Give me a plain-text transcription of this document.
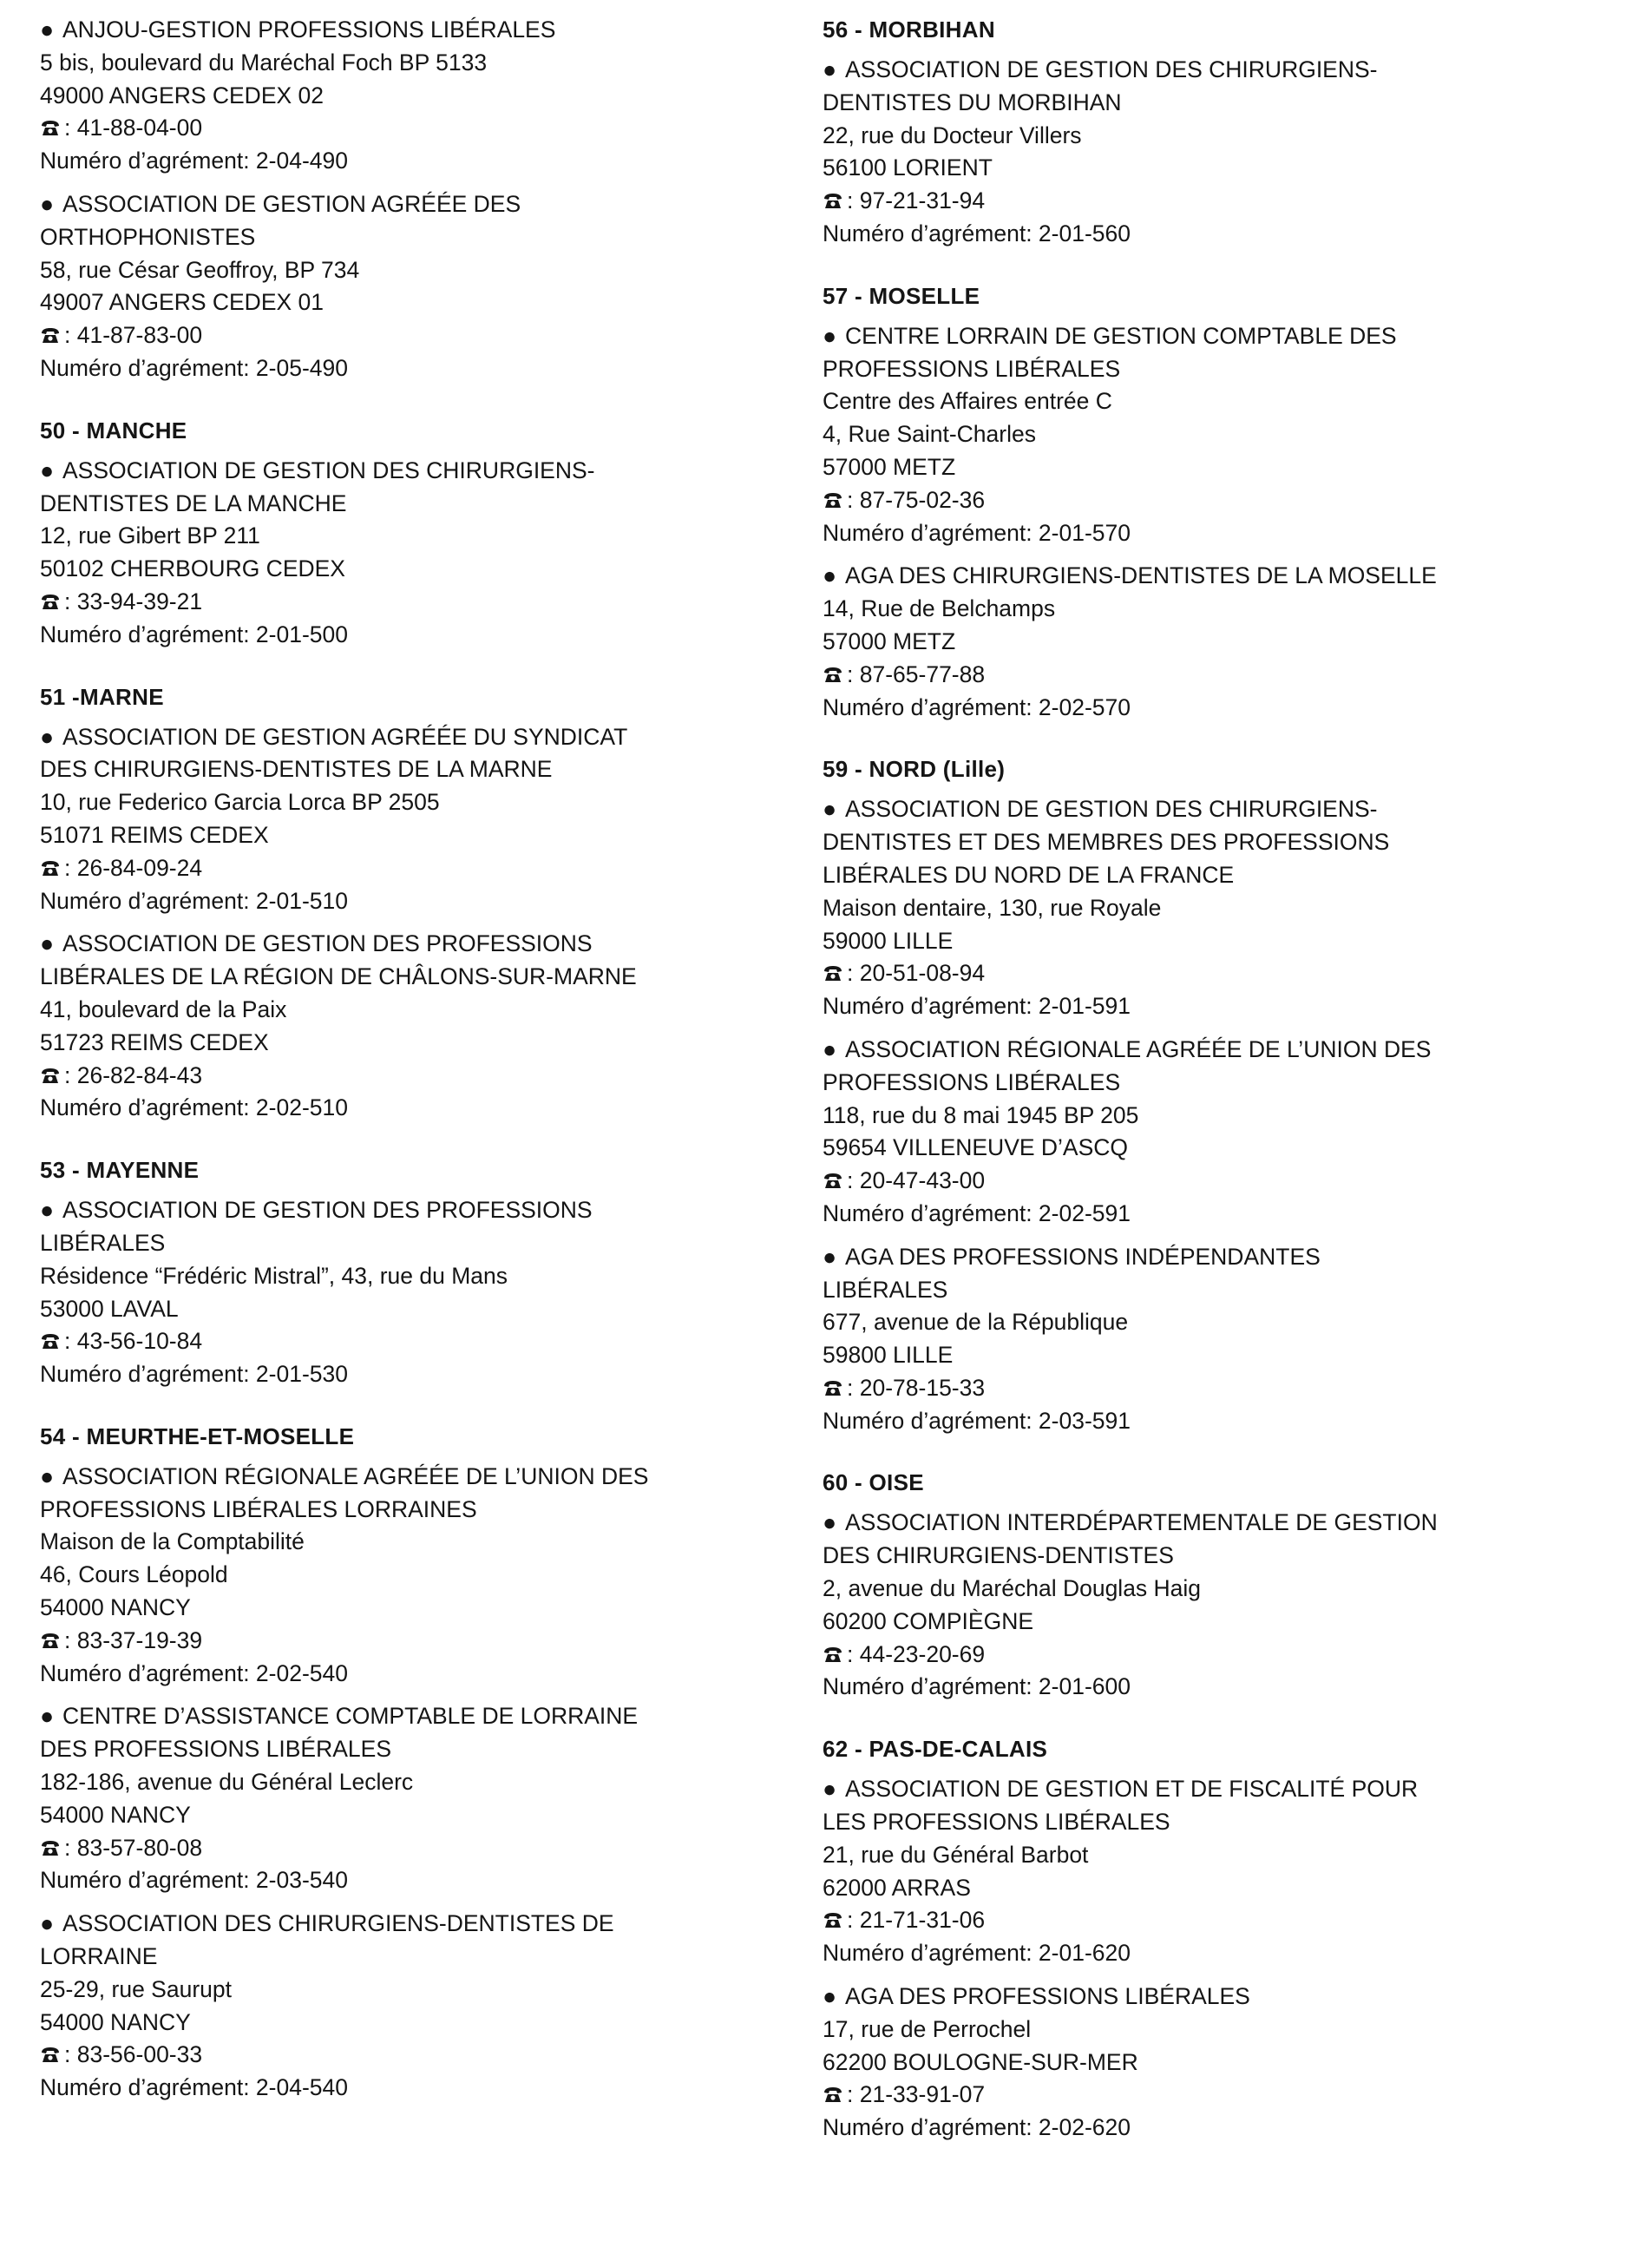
● ANJOU-GESTION PROFESSIONS LIBÉRALES
5 bis, boulevard du Maréchal Foch BP 5133
49000 ANGERS CEDEX 02
: 41-88-04-00
Numéro d’agrément: 2-04-490
● ASSOCIATION DE GESTION AGRÉÉE DES
ORTHOPHONISTES
58, rue César Geoffroy, BP 734
49007 ANGERS CEDEX 01
: 41-87-83-00
Numéro d’agrément: 2-05-490
50 - MANCHE
● ASSOCIATION DE GESTION DES CHIRURGIENS-
DENTISTES DE LA MANCHE
12, rue Gibert BP 211
50102 CHERBOURG CEDEX
: 33-94-39-21
Numéro d’agrément: 2-01-500
51 -MARNE
● ASSOCIATION DE GESTION AGRÉÉE DU SYNDICAT
DES CHIRURGIENS-DENTISTES DE LA MARNE
10, rue Federico Garcia Lorca BP 2505
51071 REIMS CEDEX
: 26-84-09-24
Numéro d’agrément: 2-01-510
● ASSOCIATION DE GESTION DES PROFESSIONS
LIBÉRALES DE LA RÉGION DE CHÂLONS-SUR-MARNE
41, boulevard de la Paix
51723 REIMS CEDEX
: 26-82-84-43
Numéro d’agrément: 2-02-510
53 - MAYENNE
● ASSOCIATION DE GESTION DES PROFESSIONS
LIBÉRALES
Résidence “Frédéric Mistral”, 43, rue du Mans
53000 LAVAL
: 43-56-10-84
Numéro d’agrément: 2-01-530
54 - MEURTHE-ET-MOSELLE
● ASSOCIATION RÉGIONALE AGRÉÉE DE L’UNION DES
PROFESSIONS LIBÉRALES LORRAINES
Maison de la Comptabilité
46, Cours Léopold
54000 NANCY
: 83-37-19-39
Numéro d’agrément: 2-02-540
● CENTRE D’ASSISTANCE COMPTABLE DE LORRAINE
DES PROFESSIONS LIBÉRALES
182-186, avenue du Général Leclerc
54000 NANCY
: 83-57-80-08
Numéro d’agrément: 2-03-540
● ASSOCIATION DES CHIRURGIENS-DENTISTES DE
LORRAINE
25-29, rue Saurupt
54000 NANCY
: 83-56-00-33
Numéro d’agrément: 2-04-540
56 - MORBIHAN
● ASSOCIATION DE GESTION DES CHIRURGIENS-
DENTISTES DU MORBIHAN
22, rue du Docteur Villers
56100 LORIENT
: 97-21-31-94
Numéro d’agrément: 2-01-560
57 - MOSELLE
● CENTRE LORRAIN DE GESTION COMPTABLE DES
PROFESSIONS LIBÉRALES
Centre des Affaires entrée C
4, Rue Saint-Charles
57000 METZ
: 87-75-02-36
Numéro d’agrément: 2-01-570
● AGA DES CHIRURGIENS-DENTISTES DE LA MOSELLE
14, Rue de Belchamps
57000 METZ
: 87-65-77-88
Numéro d’agrément: 2-02-570
59 - NORD (Lille)
● ASSOCIATION DE GESTION DES CHIRURGIENS-
DENTISTES ET DES MEMBRES DES PROFESSIONS
LIBÉRALES DU NORD DE LA FRANCE
Maison dentaire, 130, rue Royale
59000 LILLE
: 20-51-08-94
Numéro d’agrément: 2-01-591
● ASSOCIATION RÉGIONALE AGRÉÉE DE L’UNION DES
PROFESSIONS LIBÉRALES
118, rue du 8 mai 1945 BP 205
59654 VILLENEUVE D’ASCQ
: 20-47-43-00
Numéro d’agrément: 2-02-591
● AGA DES PROFESSIONS INDÉPENDANTES
LIBÉRALES
677, avenue de la République
59800 LILLE
: 20-78-15-33
Numéro d’agrément: 2-03-591
60 - OISE
● ASSOCIATION INTERDÉPARTEMENTALE DE GESTION
DES CHIRURGIENS-DENTISTES
2, avenue du Maréchal Douglas Haig
60200 COMPIÈGNE
: 44-23-20-69
Numéro d’agrément: 2-01-600
62 - PAS-DE-CALAIS
● ASSOCIATION DE GESTION ET DE FISCALITÉ POUR
LES PROFESSIONS LIBÉRALES
21, rue du Général Barbot
62000 ARRAS
: 21-71-31-06
Numéro d’agrément: 2-01-620
● AGA DES PROFESSIONS LIBÉRALES
17, rue de Perrochel
62200 BOULOGNE-SUR-MER
: 21-33-91-07
Numéro d’agrément: 2-02-620
